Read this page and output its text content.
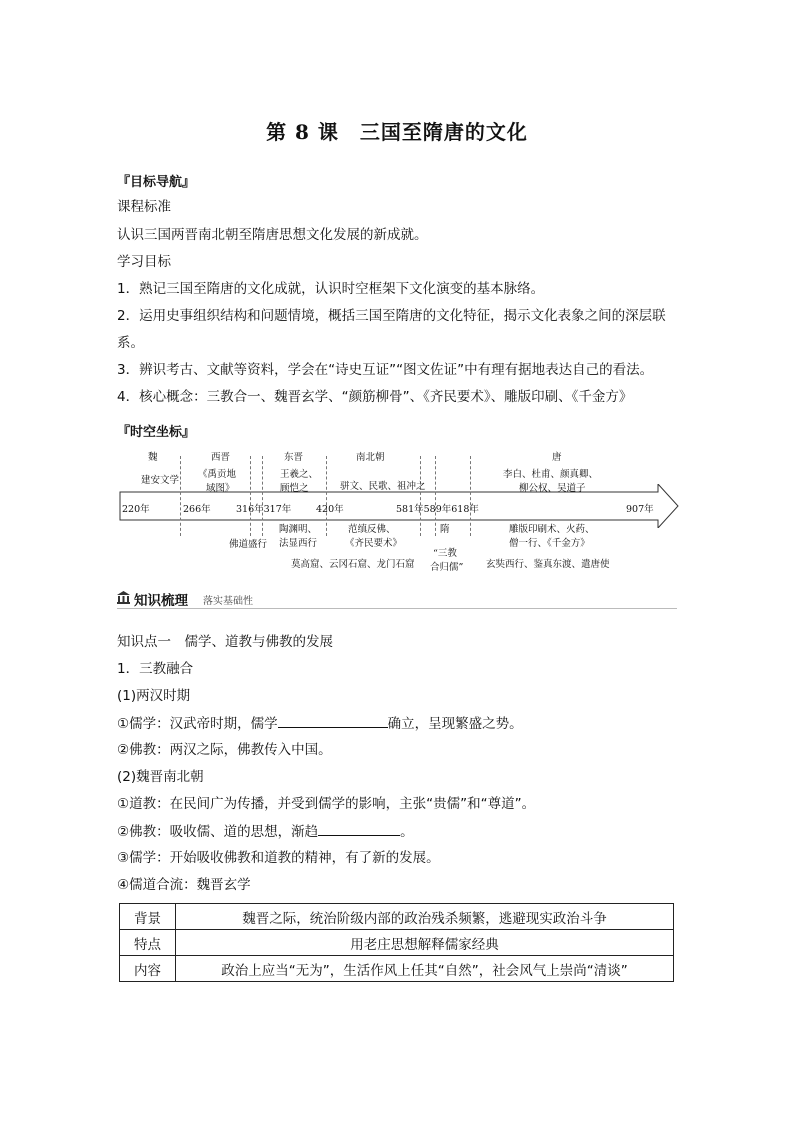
第 8 课　三国至隋唐的文化
『目标导航』
课程标准
认识三国两晋南北朝至隋唐思想文化发展的新成就。
学习目标
1．熟记三国至隋唐的文化成就，认识时空框架下文化演变的基本脉络。
2．运用史事组织结构和问题情境，概括三国至隋唐的文化特征，揭示文化表象之间的深层联
系。
3．辨识考古、文献等资料，学会在“诗史互证”“图文佐证”中有理有据地表达自己的看法。
4．核心概念：三教合一、魏晋玄学、“颜筋柳骨”、《齐民要术》、雕版印刷、《千金方》
『时空坐标』
魏	西晋	东晋	南北朝	唐
建安文学
《禹贡地
域图》
王羲之、
顾恺之	骈文、民歌、祖冲之
李白、杜甫、颜真卿、
柳公权、吴道子
220年	266年	316年317年	420年	581年589年618年	907年
陶渊明、
法显西行
佛道盛行
范缜反佛、
《齐民要术》
隋
“三教
合归儒”
雕版印刷术、火药、
僧一行、《千金方》
莫高窟、云冈石窟、龙门石窟	玄奘西行、鉴真东渡、遣唐使
知识梳理 落实基础性
知识点一　儒学、道教与佛教的发展
1．三教融合
(1)两汉时期
①儒学：汉武帝时期，儒学	确立，呈现繁盛之势。
②佛教：两汉之际，佛教传入中国。
(2)魏晋南北朝
①道教：在民间广为传播，并受到儒学的影响，主张“贵儒”和“尊道”。
②佛教：吸收儒、道的思想，渐趋	。
③儒学：开始吸收佛教和道教的精神，有了新的发展。
④儒道合流：魏晋玄学
背景	魏晋之际，统治阶级内部的政治残杀频繁，逃避现实政治斗争
特点	用老庄思想解释儒家经典
内容	政治上应当“无为”，生活作风上任其“自然”，社会风气上崇尚“清谈”
